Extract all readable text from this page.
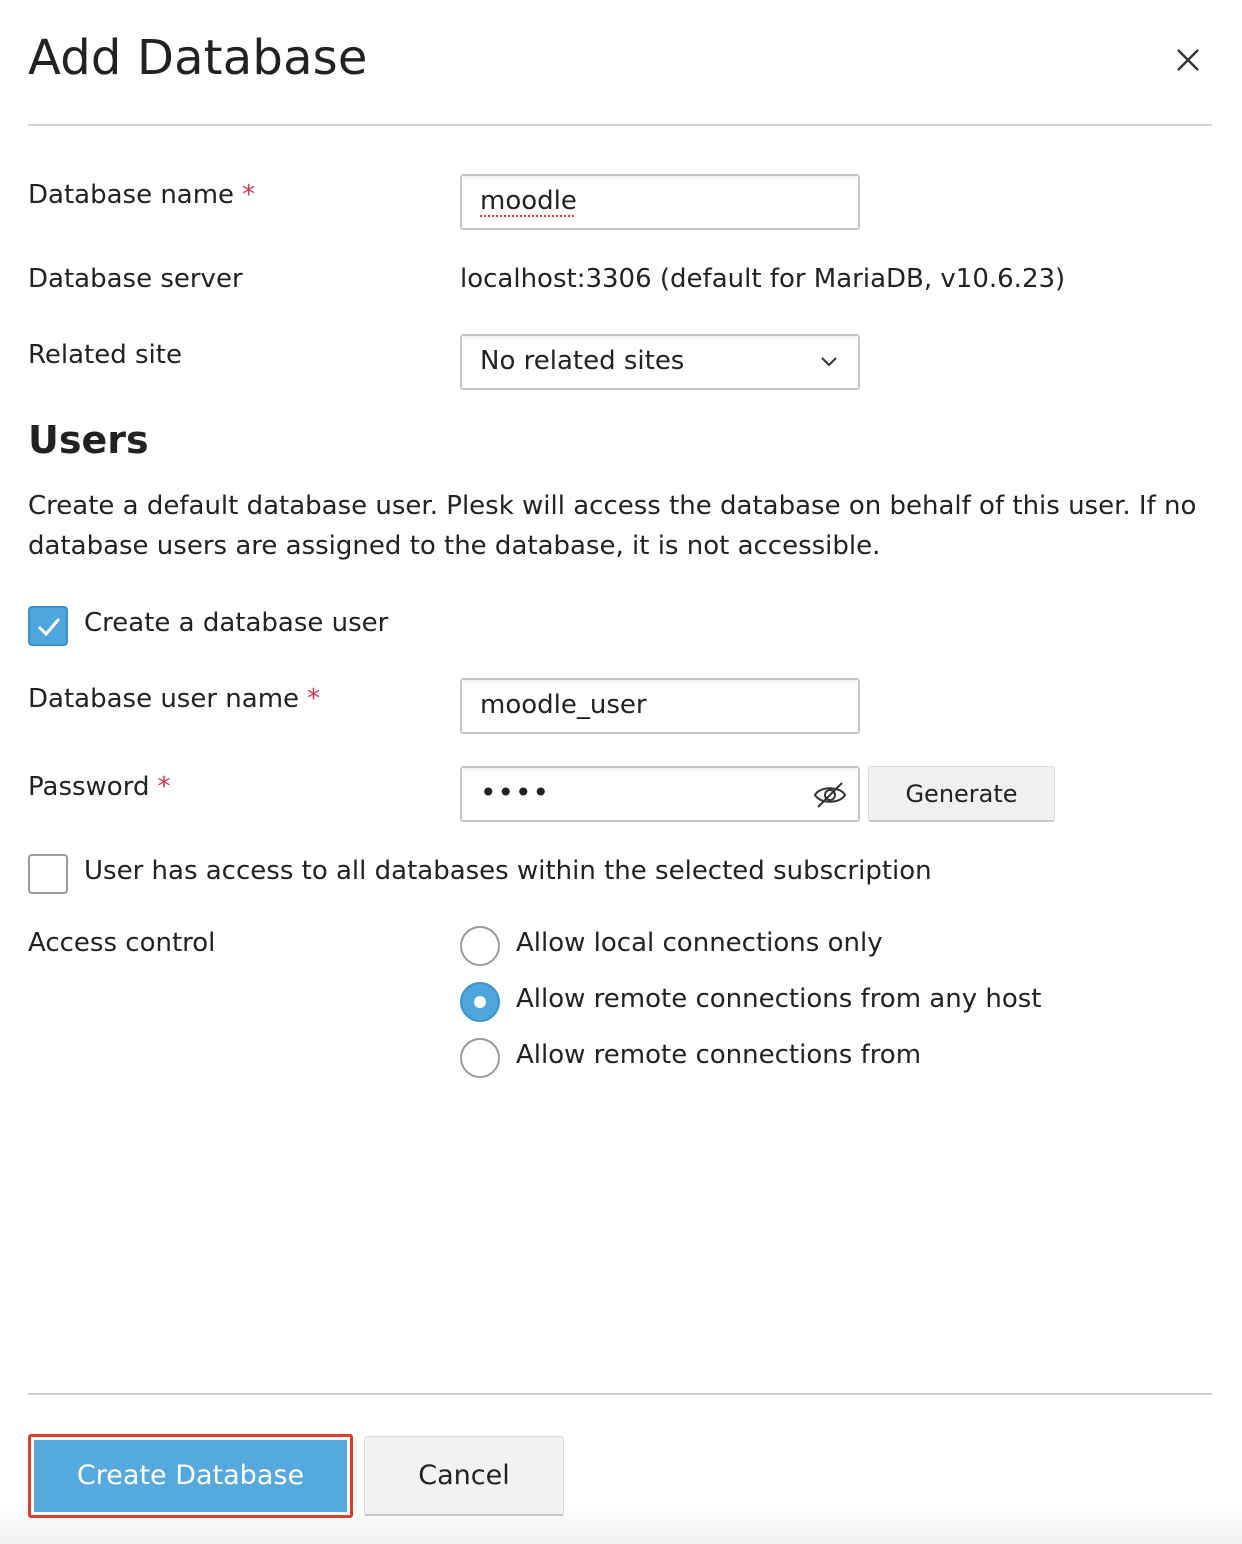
Add Database
Database name *	moodle
Database server	localhost:3306 (default for MariaDB, v10.6.23)
Related site	No related sites
Users

Create a default database user. Plesk will access the database on behalf of this user. If no database users are assigned to the database, it is not accessible.

Create a database user
Database user name *	moodle_user
Password *	••••	Generate
User has access to all databases within the selected subscription
Access control	Allow local connections only
Allow remote connections from any host
Allow remote connections from
Create Database	Cancel
